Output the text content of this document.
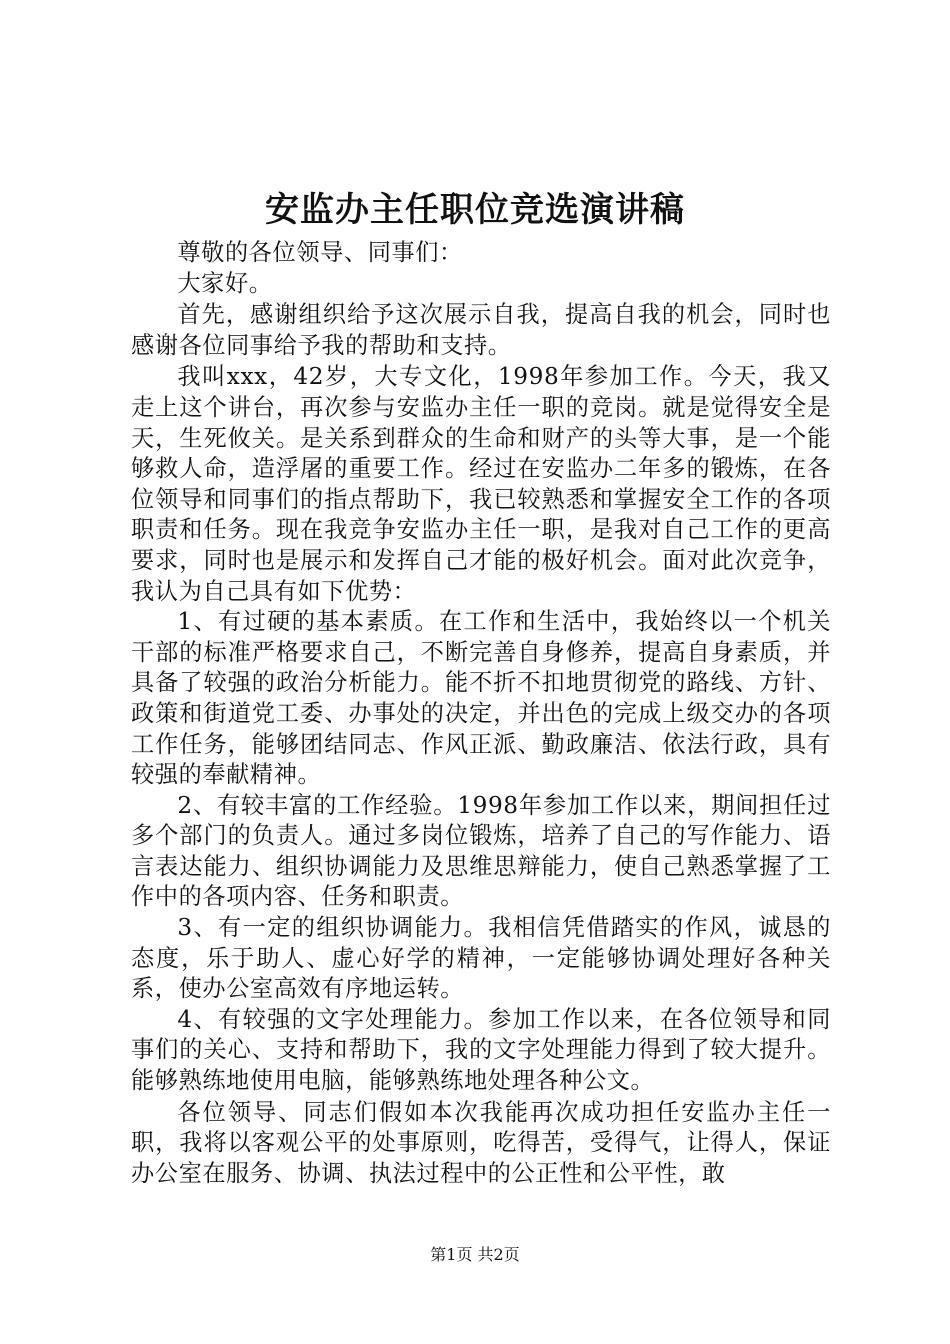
安监办主任职位竞选演讲稿

尊敬的各位领导、同事们：

大家好。

首先，感谢组织给予这次展示自我，提高自我的机会，同时也感谢各位同事给予我的帮助和支持。

我叫xxx，42岁，大专文化，1998年参加工作。今天，我又走上这个讲台，再次参与安监办主任一职的竞岗。就是觉得安全是天，生死攸关。是关系到群众的生命和财产的头等大事，是一个能够救人命，造浮屠的重要工作。经过在安监办二年多的锻炼，在各位领导和同事们的指点帮助下，我已较熟悉和掌握安全工作的各项职责和任务。现在我竞争安监办主任一职，是我对自己工作的更高要求，同时也是展示和发挥自己才能的极好机会。面对此次竞争，我认为自己具有如下优势：

1、有过硬的基本素质。在工作和生活中，我始终以一个机关干部的标准严格要求自己，不断完善自身修养，提高自身素质，并具备了较强的政治分析能力。能不折不扣地贯彻党的路线、方针、政策和街道党工委、办事处的决定，并出色的完成上级交办的各项工作任务，能够团结同志、作风正派、勤政廉洁、依法行政，具有较强的奉献精神。

2、有较丰富的工作经验。1998年参加工作以来，期间担任过多个部门的负责人。通过多岗位锻炼，培养了自己的写作能力、语言表达能力、组织协调能力及思维思辩能力，使自己熟悉掌握了工作中的各项内容、任务和职责。

3、有一定的组织协调能力。我相信凭借踏实的作风，诚恳的态度，乐于助人、虚心好学的精神，一定能够协调处理好各种关系，使办公室高效有序地运转。

4、有较强的文字处理能力。参加工作以来，在各位领导和同事们的关心、支持和帮助下，我的文字处理能力得到了较大提升。能够熟练地使用电脑，能够熟练地处理各种公文。

各位领导、同志们假如本次我能再次成功担任安监办主任一职，我将以客观公平的处事原则，吃得苦，受得气，让得人，保证办公室在服务、协调、执法过程中的公正性和公平性，敢

第1页 共2页
